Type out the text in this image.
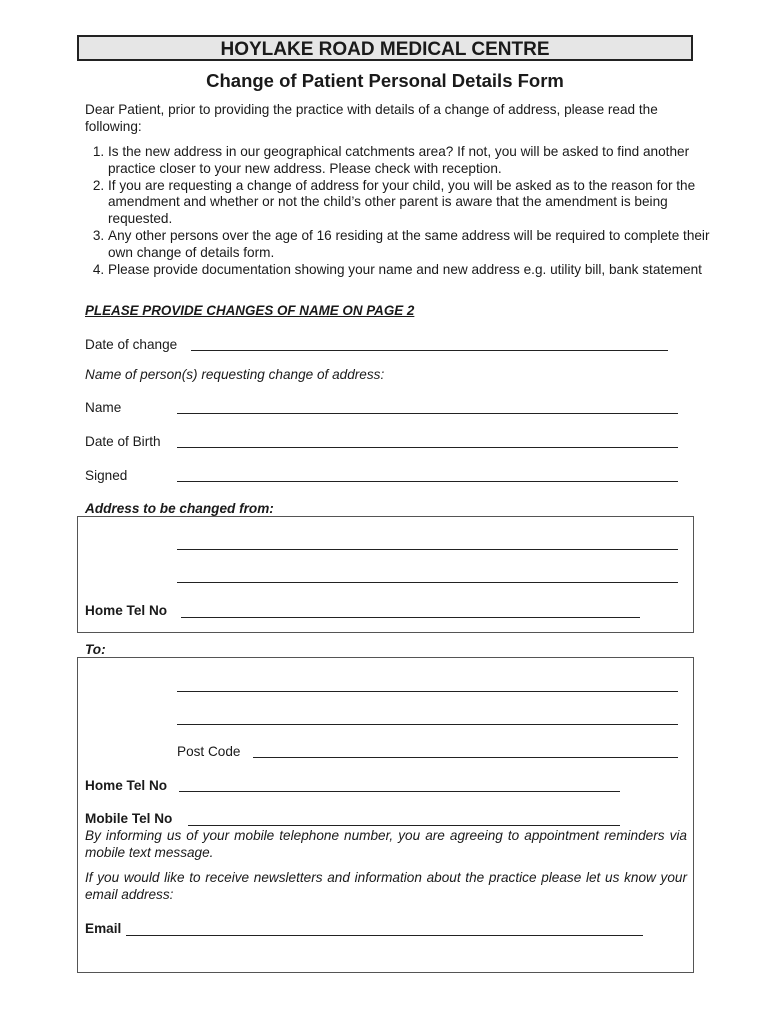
HOYLAKE ROAD MEDICAL CENTRE
Change of Patient Personal Details Form
Dear Patient, prior to providing the practice with details of a change of address, please read the following:
1. Is the new address in our geographical catchments area? If not, you will be asked to find another practice closer to your new address. Please check with reception.
2. If you are requesting a change of address for your child, you will be asked as to the reason for the amendment and whether or not the child’s other parent is aware that the amendment is being requested.
3. Any other persons over the age of 16 residing at the same address will be required to complete their own change of details form.
4. Please provide documentation showing your name and new address e.g. utility bill, bank statement
PLEASE PROVIDE CHANGES OF NAME ON PAGE 2
Date of change
Name of person(s) requesting change of address:
Name
Date of Birth
Signed
Address to be changed from:
Home Tel No
To:
Post Code
Home Tel No
Mobile Tel No
By informing us of your mobile telephone number, you are agreeing to appointment reminders via mobile text message.
If you would like to receive newsletters and information about the practice please let us know your email address:
Email
